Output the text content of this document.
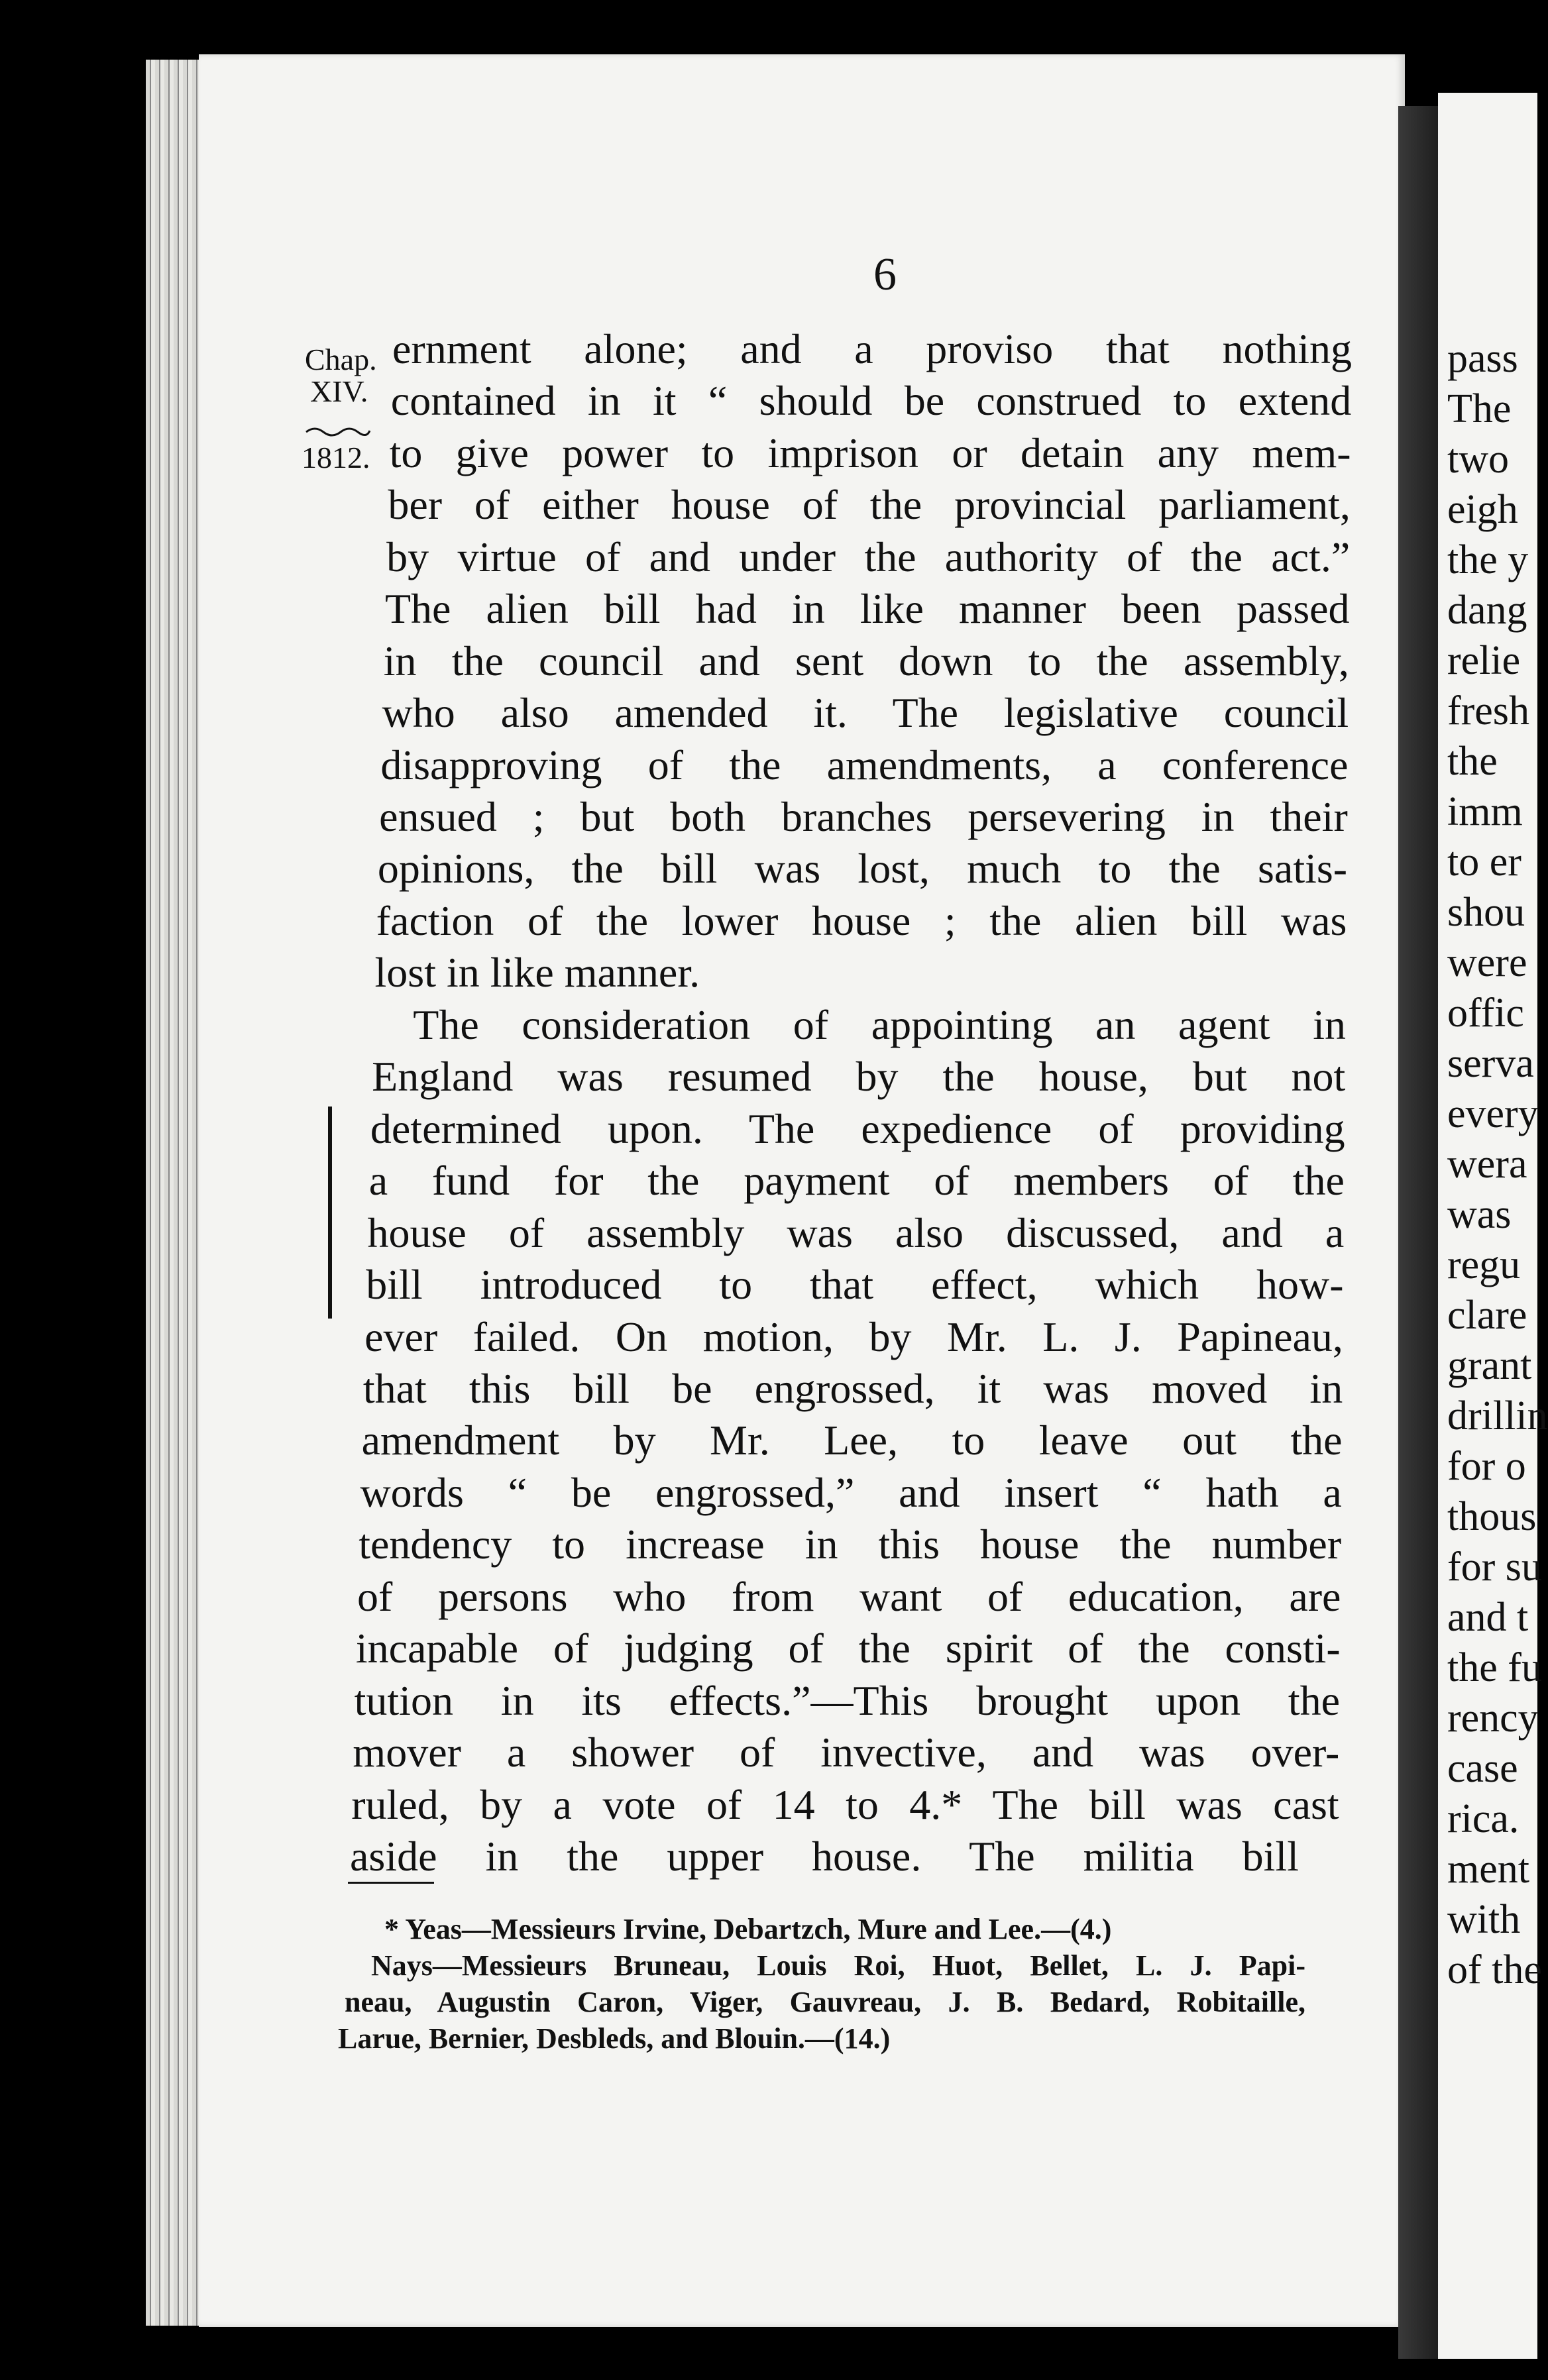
pass
The
two
eigh
the y
dang
relie
fresh
the
imm
to er
shou
were
offic
serva
every
wera
was
regu
clare
grant
drillin
for o
thous
for su
and t
the fu
rency
case
rica.
ment
with
of the
6
Chap.
XIV.
1812.
ernment alone; and a proviso that nothing
contained in it “ should be construed to extend
to give power to imprison or detain any mem-
ber of either house of the provincial parliament,
by virtue of and under the authority of the act.”
The alien bill had in like manner been passed
in the council and sent down to the assembly,
who also amended it. The legislative council
disapproving of the amendments, a conference
ensued ; but both branches persevering in their
opinions, the bill was lost, much to the satis-
faction of the lower house ; the alien bill was
lost in like manner.
The consideration of appointing an agent in
England was resumed by the house, but not
determined upon. The expedience of providing
a fund for the payment of members of the
house of assembly was also discussed, and a
bill introduced to that effect, which how-
ever failed. On motion, by Mr. L. J. Papineau,
that this bill be engrossed, it was moved in
amendment by Mr. Lee, to leave out the
words “ be engrossed,” and insert “ hath a
tendency to increase in this house the number
of persons who from want of education, are
incapable of judging of the spirit of the consti-
tution in its effects.”—This brought upon the
mover a shower of invective, and was over-
ruled, by a vote of 14 to 4.* The bill was cast
aside in the upper house. The militia bill
* Yeas—Messieurs Irvine, Debartzch, Mure and Lee.—(4.)
Nays—Messieurs Bruneau, Louis Roi, Huot, Bellet, L. J. Papi-
neau, Augustin Caron, Viger, Gauvreau, J. B. Bedard, Robitaille,
Larue, Bernier, Desbleds, and Blouin.—(14.)
